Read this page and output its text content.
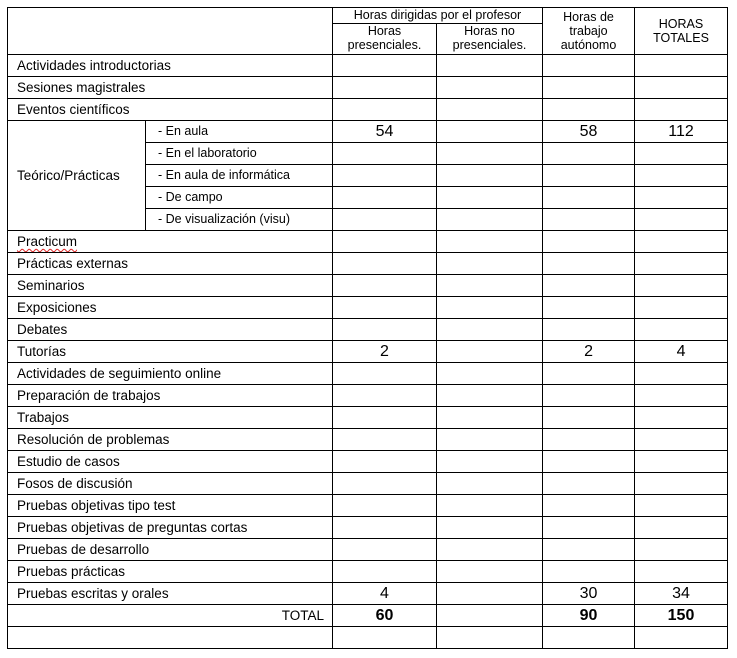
		Horas dirigidas por el profesor		Horas de trabajo autónomo	HORAS TOTALES
		Horas presenciales.	Horas no presenciales.		
Actividades introductorias					
Sesiones magistrales					
Eventos científicos					
Teórico/Prácticas	- En aula	54		58	112
	- En el laboratorio				
	- En aula de informática				
	- De campo				
	- De visualización (visu)				
Practicum					
Prácticas externas					
Seminarios					
Exposiciones					
Debates					
Tutorías		2		2	4
Actividades de seguimiento online					
Preparación de trabajos					
Trabajos					
Resolución de problemas					
Estudio de casos					
Fosos de discusión					
Pruebas objetivas tipo test					
Pruebas objetivas de preguntas cortas					
Pruebas de desarrollo					
Pruebas prácticas					
Pruebas escritas y orales		4		30	34
TOTAL		60		90	150
